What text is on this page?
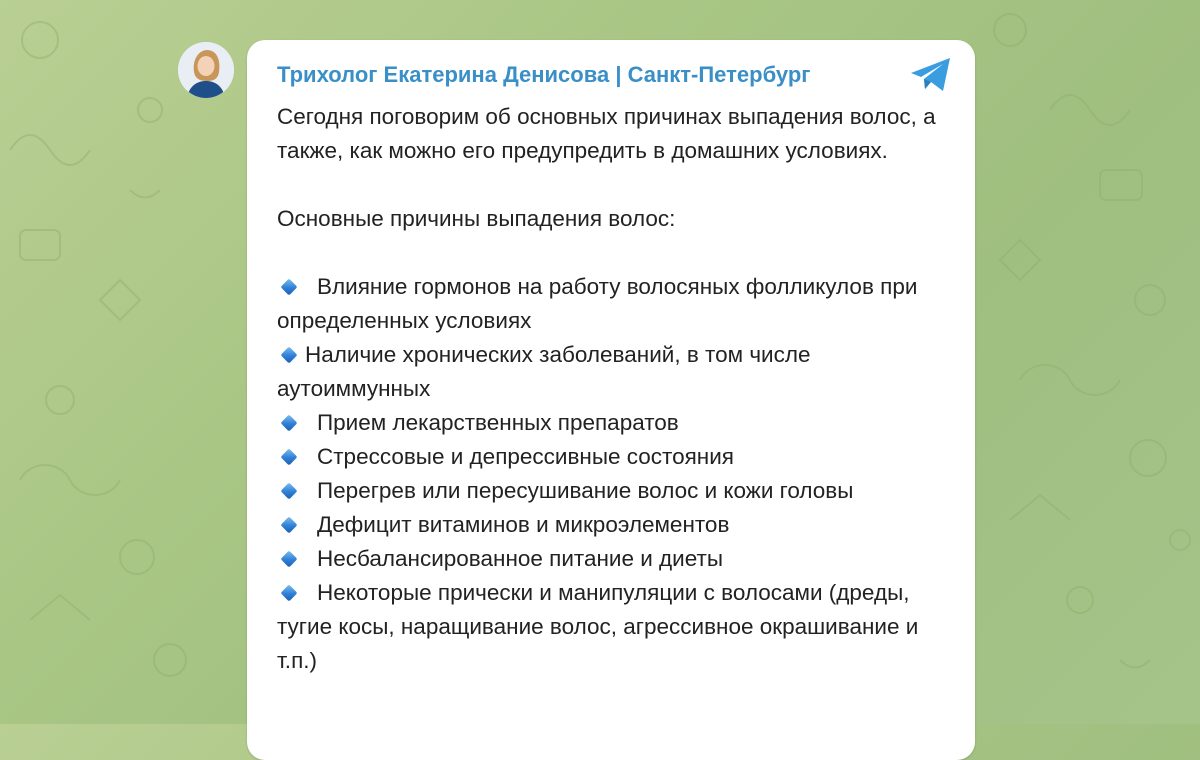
Трихолог Екатерина Денисова | Санкт-Петербург

Сегодня поговорим об основных причинах выпадения волос, а также, как можно его предупредить в домашних условиях.

Основные причины выпадения волос:

Влияние гормонов на работу волосяных фолликулов при определенных условиях

Наличие хронических заболеваний, в том числе аутоиммунных

Прием лекарственных препаратов

Стрессовые и депрессивные состояния

Перегрев или пересушивание волос и кожи головы

Дефицит витаминов и микроэлементов

Несбалансированное питание и диеты

Некоторые прически и манипуляции с волосами (дреды, тугие косы, наращивание волос, агрессивное окрашивание и т.п.)
